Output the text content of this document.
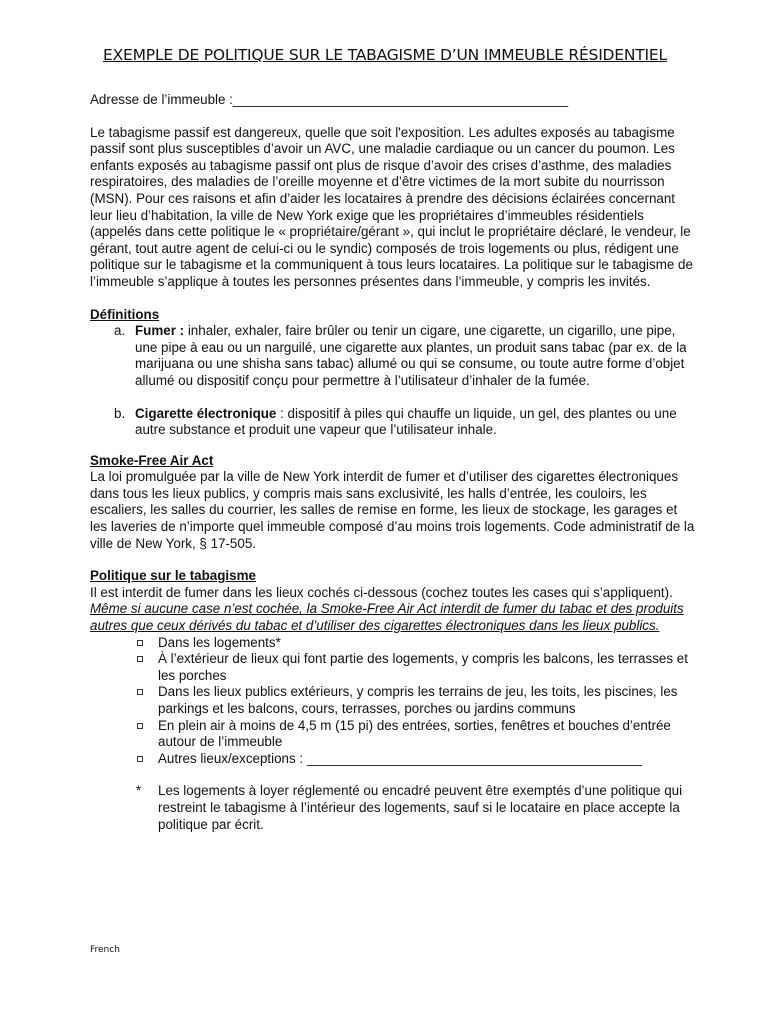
EXEMPLE DE POLITIQUE SUR LE TABAGISME D’UN IMMEUBLE RÉSIDENTIEL

Adresse de l’immeuble :_____________________________________________

Le tabagisme passif est dangereux, quelle que soit l'exposition. Les adultes exposés au tabagisme passif sont plus susceptibles d’avoir un AVC, une maladie cardiaque ou un cancer du poumon. Les enfants exposés au tabagisme passif ont plus de risque d’avoir des crises d’asthme, des maladies respiratoires, des maladies de l’oreille moyenne et d’être victimes de la mort subite du nourrisson (MSN). Pour ces raisons et afin d’aider les locataires à prendre des décisions éclairées concernant leur lieu d’habitation, la ville de New York exige que les propriétaires d’immeubles résidentiels (appelés dans cette politique le « propriétaire/gérant », qui inclut le propriétaire déclaré, le vendeur, le gérant, tout autre agent de celui-ci ou le syndic) composés de trois logements ou plus, rédigent une politique sur le tabagisme et la communiquent à tous leurs locataires. La politique sur le tabagisme de l’immeuble s’applique à toutes les personnes présentes dans l’immeuble, y compris les invités.

Définitions

a. Fumer : inhaler, exhaler, faire brûler ou tenir un cigare, une cigarette, un cigarillo, une pipe, une pipe à eau ou un narguilé, une cigarette aux plantes, un produit sans tabac (par ex. de la marijuana ou une shisha sans tabac) allumé ou qui se consume, ou toute autre forme d’objet allumé ou dispositif conçu pour permettre à l’utilisateur d’inhaler de la fumée.
b. Cigarette électronique : dispositif à piles qui chauffe un liquide, un gel, des plantes ou une autre substance et produit une vapeur que l’utilisateur inhale.

Smoke-Free Air Act

La loi promulguée par la ville de New York interdit de fumer et d’utiliser des cigarettes électroniques dans tous les lieux publics, y compris mais sans exclusivité, les halls d’entrée, les couloirs, les escaliers, les salles du courrier, les salles de remise en forme, les lieux de stockage, les garages et les laveries de n’importe quel immeuble composé d’au moins trois logements. Code administratif de la ville de New York, § 17-505.

Politique sur le tabagisme

Il est interdit de fumer dans les lieux cochés ci-dessous (cochez toutes les cases qui s’appliquent). Même si aucune case n’est cochée, la Smoke-Free Air Act interdit de fumer du tabac et des produits autres que ceux dérivés du tabac et d’utiliser des cigarettes électroniques dans les lieux publics.

Dans les logements*
À l’extérieur de lieux qui font partie des logements, y compris les balcons, les terrasses et les porches
Dans les lieux publics extérieurs, y compris les terrains de jeu, les toits, les piscines, les parkings et les balcons, cours, terrasses, porches ou jardins communs
En plein air à moins de 4,5 m (15 pi) des entrées, sorties, fenêtres et bouches d’entrée autour de l’immeuble
Autres lieux/exceptions : _____________________________________________

* Les logements à loyer réglementé ou encadré peuvent être exemptés d’une politique qui restreint le tabagisme à l’intérieur des logements, sauf si le locataire en place accepte la politique par écrit.

French
